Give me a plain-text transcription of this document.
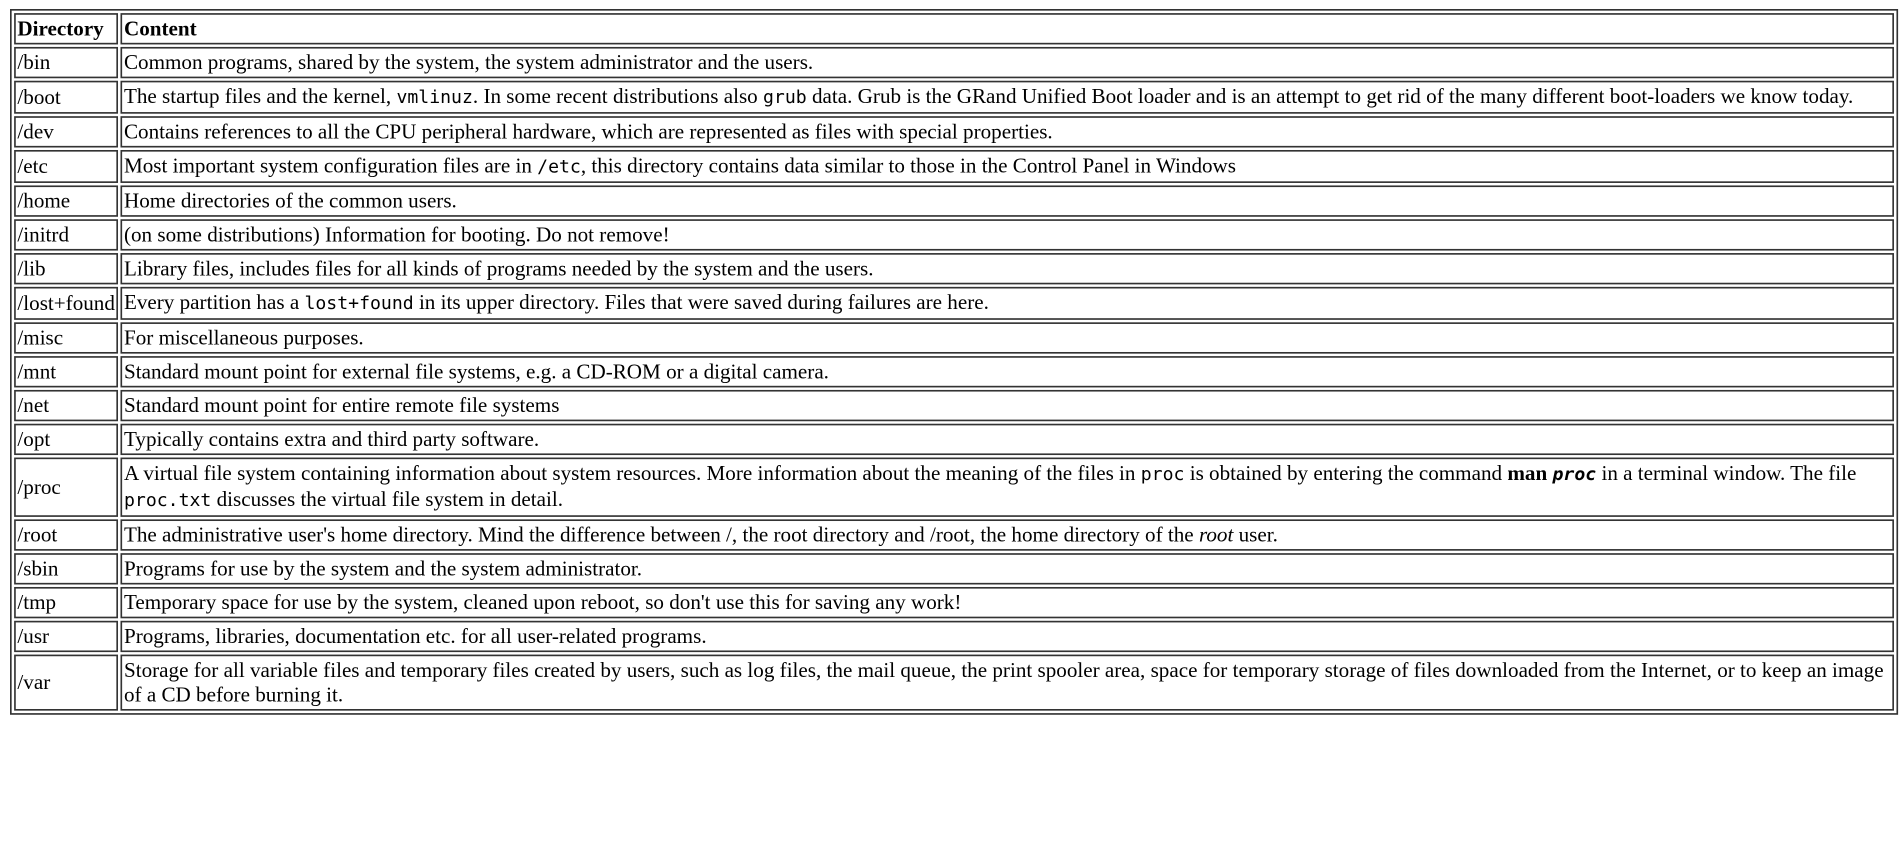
Directory	Content
/bin	Common programs, shared by the system, the system administrator and the users.
/boot	The startup files and the kernel, vmlinuz. In some recent distributions also grub data. Grub is the GRand Unified Boot loader and is an attempt to get rid of the many different boot-loaders we know today.
/dev	Contains references to all the CPU peripheral hardware, which are represented as files with special properties.
/etc	Most important system configuration files are in /etc, this directory contains data similar to those in the Control Panel in Windows
/home	Home directories of the common users.
/initrd	(on some distributions) Information for booting. Do not remove!
/lib	Library files, includes files for all kinds of programs needed by the system and the users.
/lost+found	Every partition has a lost+found in its upper directory. Files that were saved during failures are here.
/misc	For miscellaneous purposes.
/mnt	Standard mount point for external file systems, e.g. a CD-ROM or a digital camera.
/net	Standard mount point for entire remote file systems
/opt	Typically contains extra and third party software.
/proc	A virtual file system containing information about system resources. More information about the meaning of the files in proc is obtained by entering the command man proc in a terminal window. The file proc.txt discusses the virtual file system in detail.
/root	The administrative user's home directory. Mind the difference between /, the root directory and /root, the home directory of the root user.
/sbin	Programs for use by the system and the system administrator.
/tmp	Temporary space for use by the system, cleaned upon reboot, so don't use this for saving any work!
/usr	Programs, libraries, documentation etc. for all user-related programs.
/var	Storage for all variable files and temporary files created by users, such as log files, the mail queue, the print spooler area, space for temporary storage of files downloaded from the Internet, or to keep an image of a CD before burning it.
